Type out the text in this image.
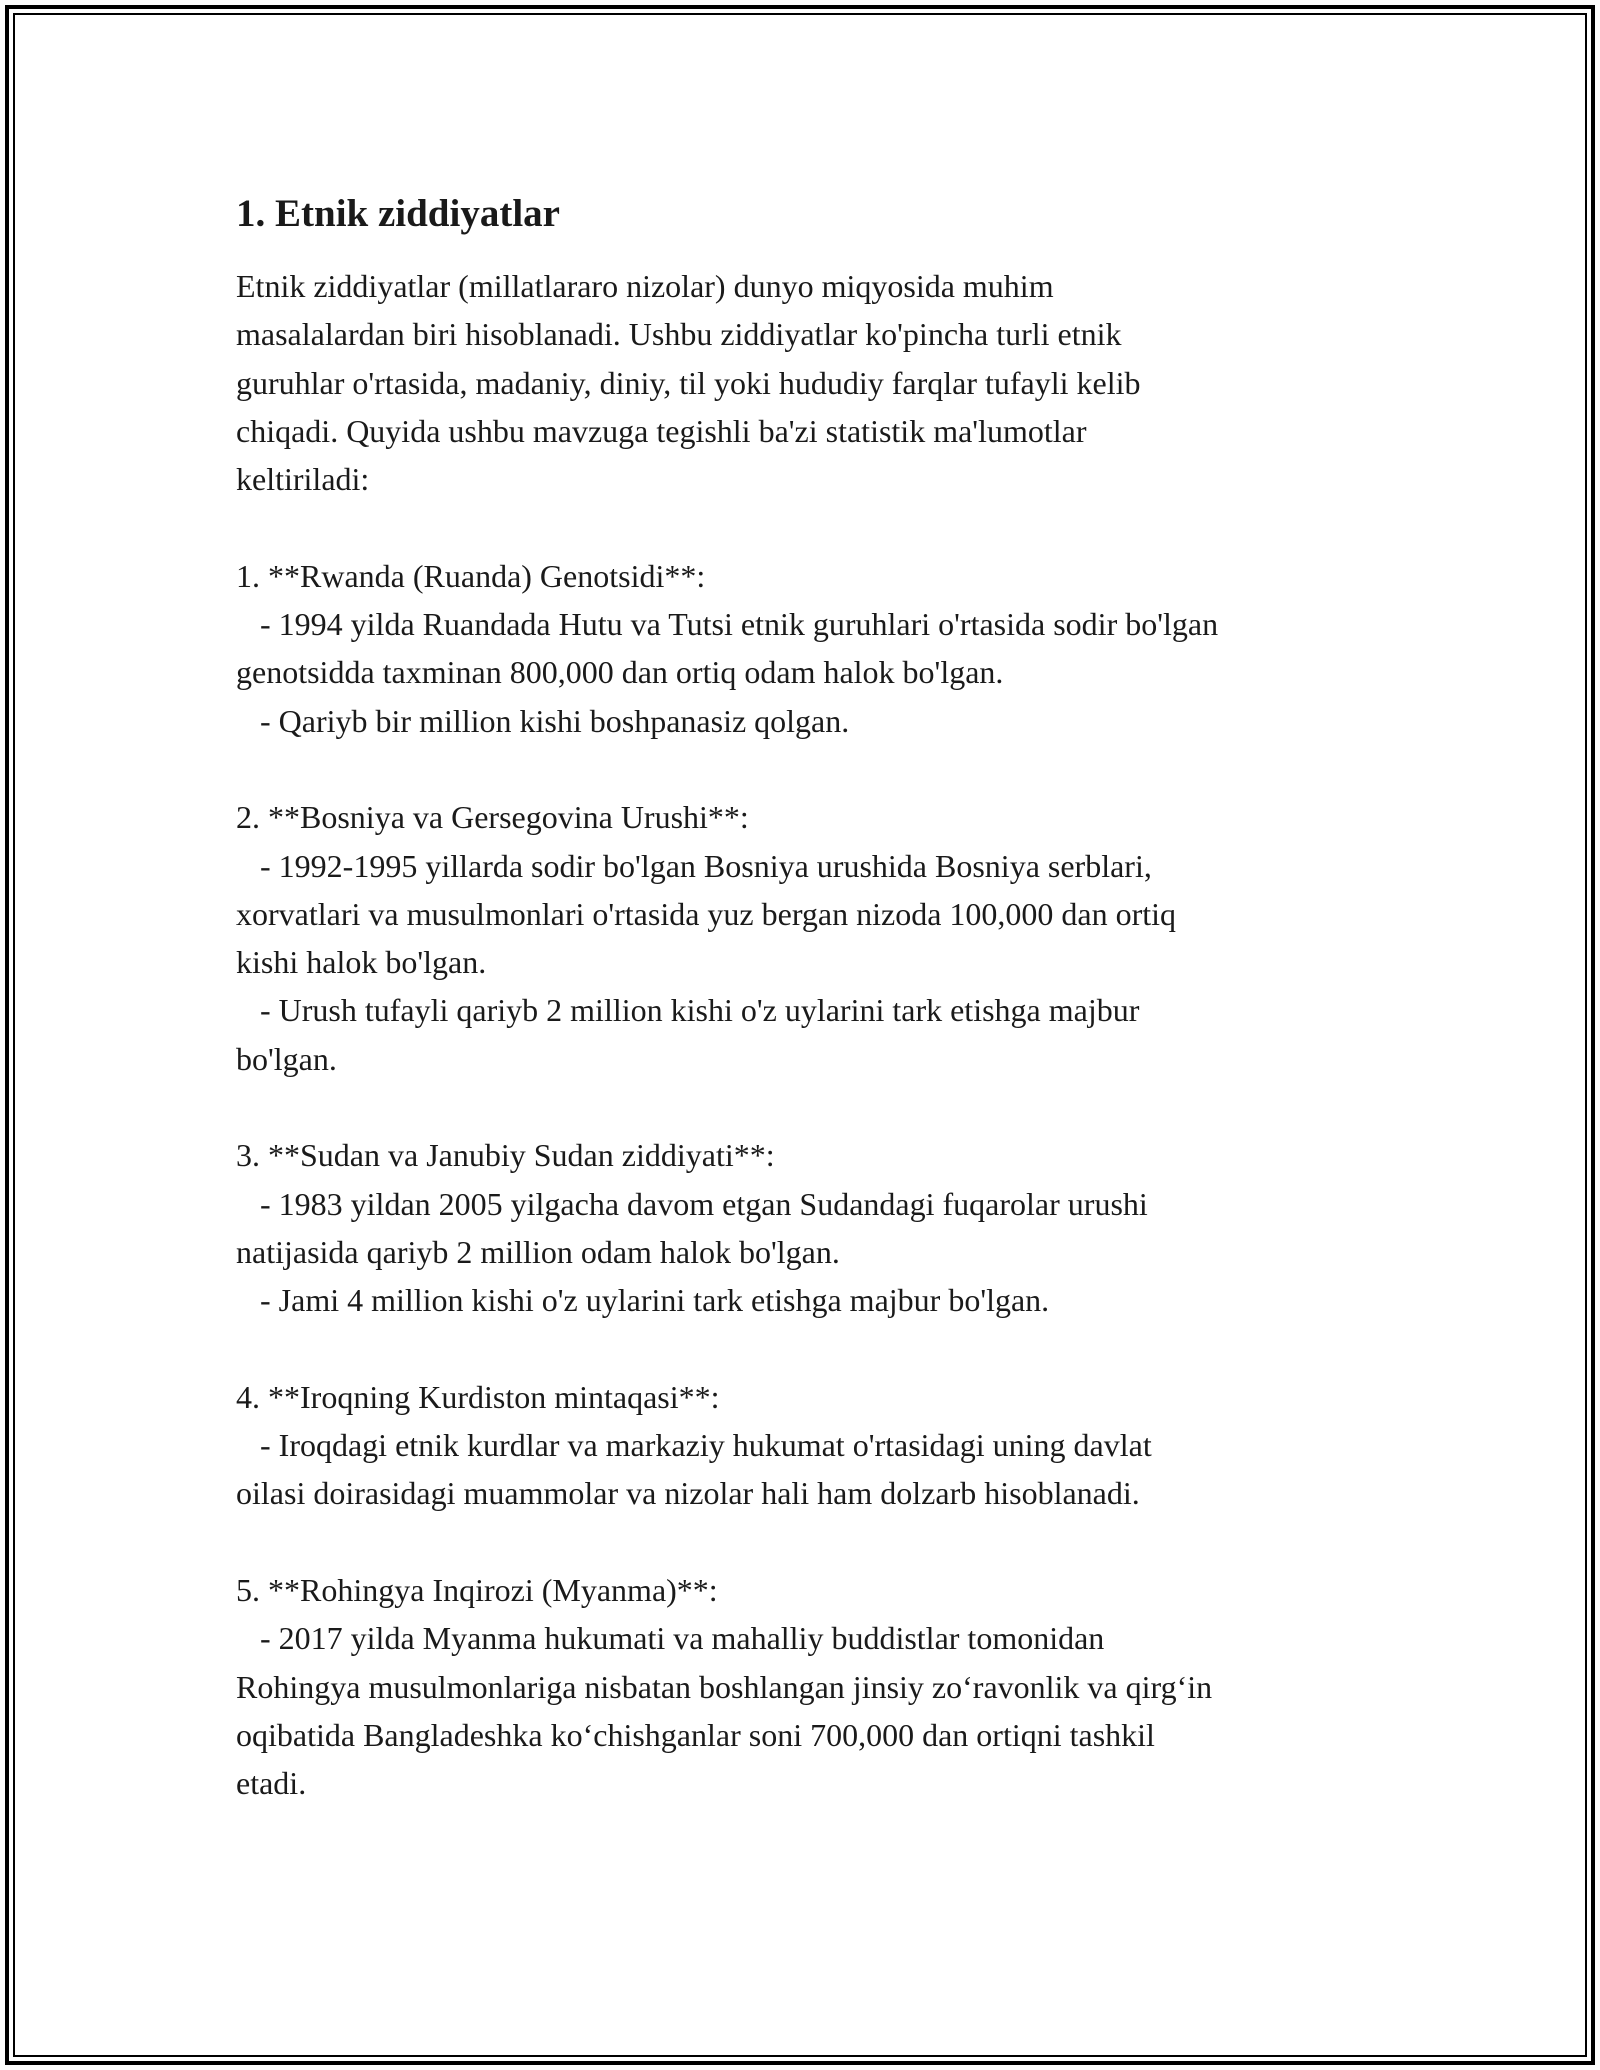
1. Etnik ziddiyatlar
Etnik ziddiyatlar (millatlararo nizolar) dunyo miqyosida muhim
masalalardan biri hisoblanadi. Ushbu ziddiyatlar ko'pincha turli etnik
guruhlar o'rtasida, madaniy, diniy, til yoki hududiy farqlar tufayli kelib
chiqadi. Quyida ushbu mavzuga tegishli ba'zi statistik ma'lumotlar
keltiriladi:
1. **Rwanda (Ruanda) Genotsidi**:
- 1994 yilda Ruandada Hutu va Tutsi etnik guruhlari o'rtasida sodir bo'lgan
genotsidda taxminan 800,000 dan ortiq odam halok bo'lgan.
- Qariyb bir million kishi boshpanasiz qolgan.
2. **Bosniya va Gersegovina Urushi**:
- 1992-1995 yillarda sodir bo'lgan Bosniya urushida Bosniya serblari,
xorvatlari va musulmonlari o'rtasida yuz bergan nizoda 100,000 dan ortiq
kishi halok bo'lgan.
- Urush tufayli qariyb 2 million kishi o'z uylarini tark etishga majbur
bo'lgan.
3. **Sudan va Janubiy Sudan ziddiyati**:
- 1983 yildan 2005 yilgacha davom etgan Sudandagi fuqarolar urushi
natijasida qariyb 2 million odam halok bo'lgan.
- Jami 4 million kishi o'z uylarini tark etishga majbur bo'lgan.
4. **Iroqning Kurdiston mintaqasi**:
- Iroqdagi etnik kurdlar va markaziy hukumat o'rtasidagi uning davlat
oilasi doirasidagi muammolar va nizolar hali ham dolzarb hisoblanadi.
5. **Rohingya Inqirozi (Myanma)**:
- 2017 yilda Myanma hukumati va mahalliy buddistlar tomonidan
Rohingya musulmonlariga nisbatan boshlangan jinsiy zo‘ravonlik va qirg‘in
oqibatida Bangladeshka ko‘chishganlar soni 700,000 dan ortiqni tashkil
etadi.
